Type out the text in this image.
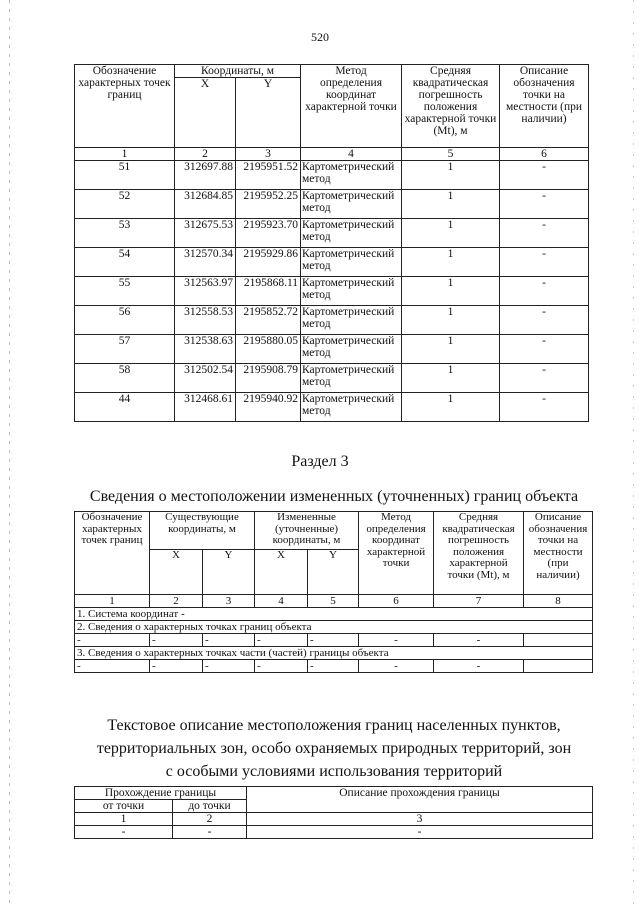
520
Обозначение характерных точек границ	Координаты, м		Метод определения координат характерной точки	Средняя квадратическая погрешность положения характерной точки (Mt), м	Описание обозначения точки на местности (при наличии)
	X	Y			
1	2	3	4	5	6
51	312697.88	2195951.52	Картометрический метод	1	-
52	312684.85	2195952.25	Картометрический метод	1	-
53	312675.53	2195923.70	Картометрический метод	1	-
54	312570.34	2195929.86	Картометрический метод	1	-
55	312563.97	2195868.11	Картометрический метод	1	-
56	312558.53	2195852.72	Картометрический метод	1	-
57	312538.63	2195880.05	Картометрический метод	1	-
58	312502.54	2195908.79	Картометрический метод	1	-
44	312468.61	2195940.92	Картометрический метод	1	-
Раздел 3
Сведения о местоположении измененных (уточненных) границ объекта
Обозначение характерных точек границ	Существующие координаты, м		Измененные (уточненные) координаты, м		Метод определения координат характерной точки	Средняя квадратическая погрешность положения характерной точки (Mt), м	Описание обозначения точки на местности (при наличии)
	X	Y	X	Y			
1	2	3	4	5	6	7	8
1. Система координат -							
2. Сведения о характерных точках границ объекта							
-	-	-	-	-	-	-	
3. Сведения о характерных точках части (частей) границы объекта							
-	-	-	-	-	-	-	
Текстовое описание местоположения границ населенных пунктов,
территориальных зон, особо охраняемых природных территорий, зон
с особыми условиями использования территорий
Прохождение границы		Описание прохождения границы
от точки	до точки	
1	2	3
-	-	-
